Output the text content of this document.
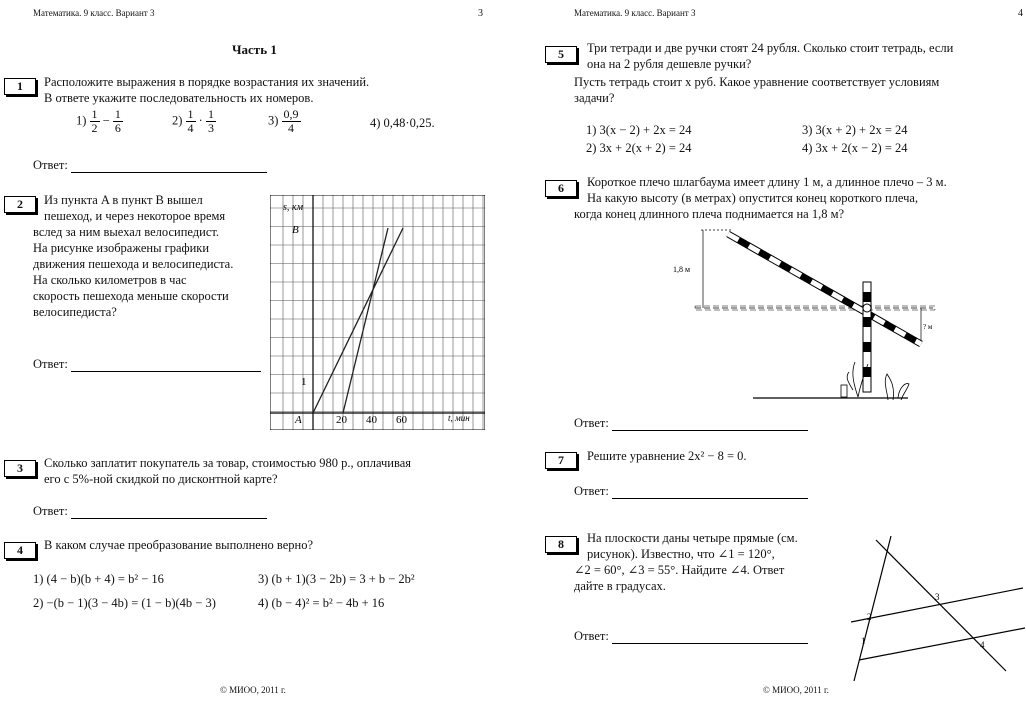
Математика. 9 класс. Вариант 3	3
Часть 1
1	Расположите выражения в порядке возрастания их значений.
В ответе укажите последовательность их номеров.
$1) \frac{1}{2} - \frac{1}{6}$	$2) \frac{1}{4} \cdot \frac{1}{3}$	$3) \frac{0,9}{4}$	4) 0,48·0,25.
Ответ:
2	Из пункта A в пункт B вышел
пешеход, и через некоторое время
вслед за ним выехал велосипедист.
На рисунке изображены графики
движения пешехода и велосипедиста.
На сколько километров в час
скорость пешехода меньше скорости
велосипедиста?
Ответ:
s, км
B
1
A	20 40 60	t, мин
3	Сколько заплатит покупатель за товар, стоимостью 980 р., оплачивая
его с 5%-ной скидкой по дисконтной карте?
Ответ:
4	В каком случае преобразование выполнено верно?
1) (4 − b)(b + 4) = b² − 16
2) −(b − 1)(3 − 4b) = (1 − b)(4b − 3)
3) (b + 1)(3 − 2b) = 3 + b − 2b²
4) (b − 4)² = b² − 4b + 16
© МИОО, 2011 г.
Математика. 9 класс. Вариант 3	4
5	Три тетради и две ручки стоят 24 рубля. Сколько стоит тетрадь, если
она на 2 рубля дешевле ручки?
Пусть тетрадь стоит x руб. Какое уравнение соответствует условиям
задачи?
1) 3(x − 2) + 2x = 24
2) 3x + 2(x + 2) = 24
3) 3(x + 2) + 2x = 24
4) 3x + 2(x − 2) = 24
6	Короткое плечо шлагбаума имеет длину 1 м, а длинное плечо – 3 м.
На какую высоту (в метрах) опустится конец короткого плеча,
когда конец длинного плеча поднимается на 1,8 м?
1,8 м
? м
Ответ:
7	Решите уравнение 2x² − 8 = 0.
Ответ:
8	На плоскости даны четыре прямые (см.
рисунок). Известно, что ∠1 = 120°,
∠2 = 60°, ∠3 = 55°. Найдите ∠4. Ответ
дайте в градусах.
Ответ:	1
2
3
4
© МИОО, 2011 г.
